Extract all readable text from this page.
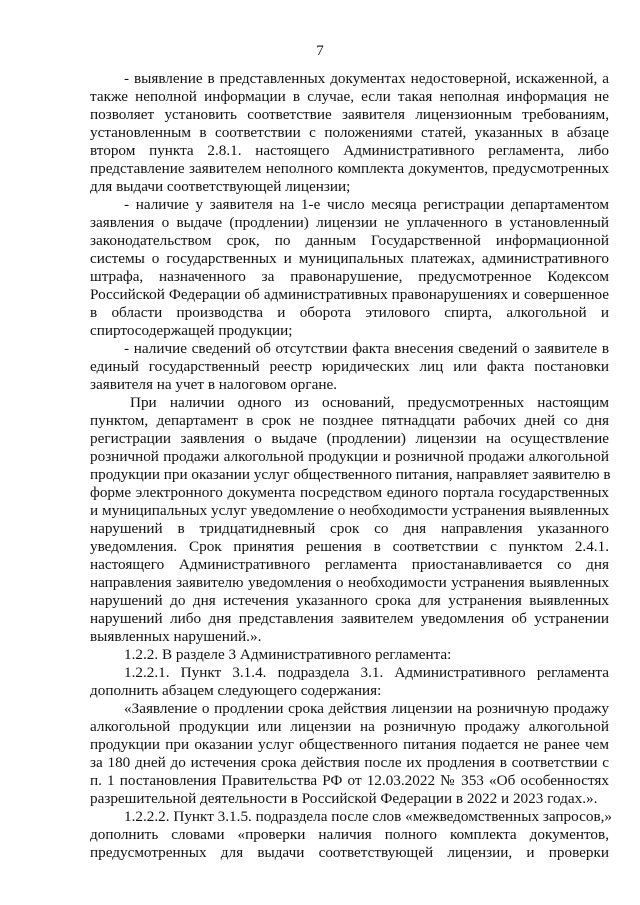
7
- выявление в представленных документах недостоверной, искаженной, а
также неполной информации в случае, если такая неполная информация не
позволяет установить соответствие заявителя лицензионным требованиям,
установленным в соответствии с положениями статей, указанных в абзаце
втором пункта 2.8.1. настоящего Административного регламента, либо
представление заявителем неполного комплекта документов, предусмотренных
для выдачи соответствующей лицензии;
- наличие у заявителя на 1-е число месяца регистрации департаментом
заявления о выдаче (продлении) лицензии не уплаченного в установленный
законодательством срок, по данным Государственной информационной
системы о государственных и муниципальных платежах, административного
штрафа, назначенного за правонарушение, предусмотренное Кодексом
Российской Федерации об административных правонарушениях и совершенное
в области производства и оборота этилового спирта, алкогольной и
спиртосодержащей продукции;
- наличие сведений об отсутствии факта внесения сведений о заявителе в
единый государственный реестр юридических лиц или факта постановки
заявителя на учет в налоговом органе.
При наличии одного из оснований, предусмотренных настоящим
пунктом, департамент в срок не позднее пятнадцати рабочих дней со дня
регистрации заявления о выдаче (продлении) лицензии на осуществление
розничной продажи алкогольной продукции и розничной продажи алкогольной
продукции при оказании услуг общественного питания, направляет заявителю в
форме электронного документа посредством единого портала государственных
и муниципальных услуг уведомление о необходимости устранения выявленных
нарушений в тридцатидневный срок со дня направления указанного
уведомления. Срок принятия решения в соответствии с пунктом 2.4.1.
настоящего Административного регламента приостанавливается со дня
направления заявителю уведомления о необходимости устранения выявленных
нарушений до дня истечения указанного срока для устранения выявленных
нарушений либо дня представления заявителем уведомления об устранении
выявленных нарушений.».
1.2.2. В разделе 3 Административного регламента:
1.2.2.1. Пункт 3.1.4. подраздела 3.1. Административного регламента
дополнить абзацем следующего содержания:
«Заявление о продлении срока действия лицензии на розничную продажу
алкогольной продукции или лицензии на розничную продажу алкогольной
продукции при оказании услуг общественного питания подается не ранее чем
за 180 дней до истечения срока действия после их продления в соответствии с
п. 1 постановления Правительства РФ от 12.03.2022 № 353 «Об особенностях
разрешительной деятельности в Российской Федерации в 2022 и 2023 годах.».
1.2.2.2. Пункт 3.1.5. подраздела после слов «межведомственных запросов,»
дополнить словами «проверки наличия полного комплекта документов,
предусмотренных для выдачи соответствующей лицензии, и проверки
